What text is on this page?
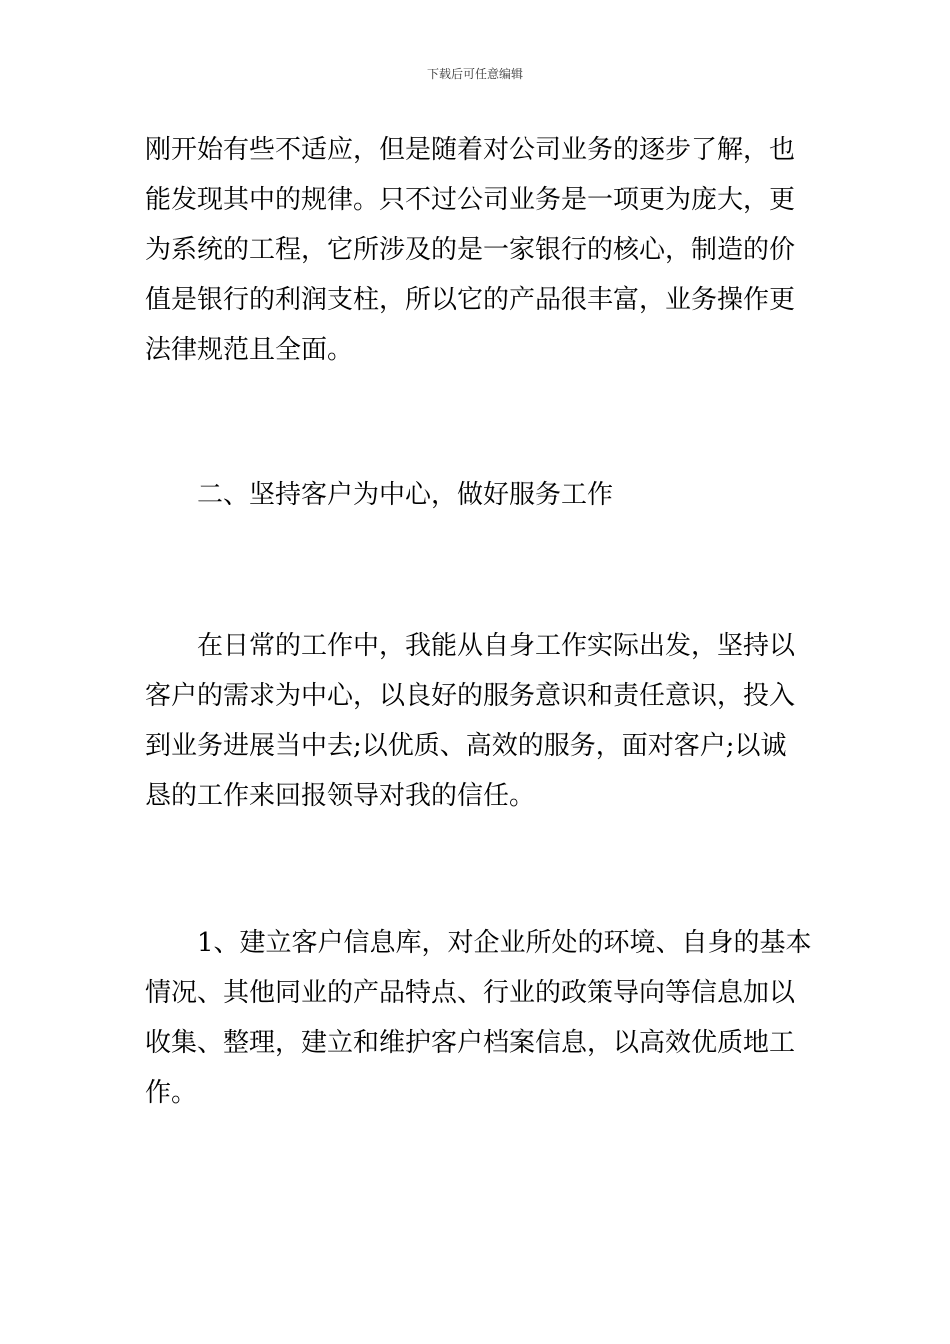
下载后可任意编辑
刚开始有些不适应，但是随着对公司业务的逐步了解，也
能发现其中的规律。只不过公司业务是一项更为庞大，更
为系统的工程，它所涉及的是一家银行的核心，制造的价
值是银行的利润支柱，所以它的产品很丰富，业务操作更
法律规范且全面。
二、坚持客户为中心，做好服务工作
在日常的工作中，我能从自身工作实际出发，坚持以
客户的需求为中心，以良好的服务意识和责任意识，投入
到业务进展当中去;以优质、高效的服务，面对客户;以诚
恳的工作来回报领导对我的信任。
1、建立客户信息库，对企业所处的环境、自身的基本
情况、其他同业的产品特点、行业的政策导向等信息加以
收集、整理，建立和维护客户档案信息，以高效优质地工
作。
